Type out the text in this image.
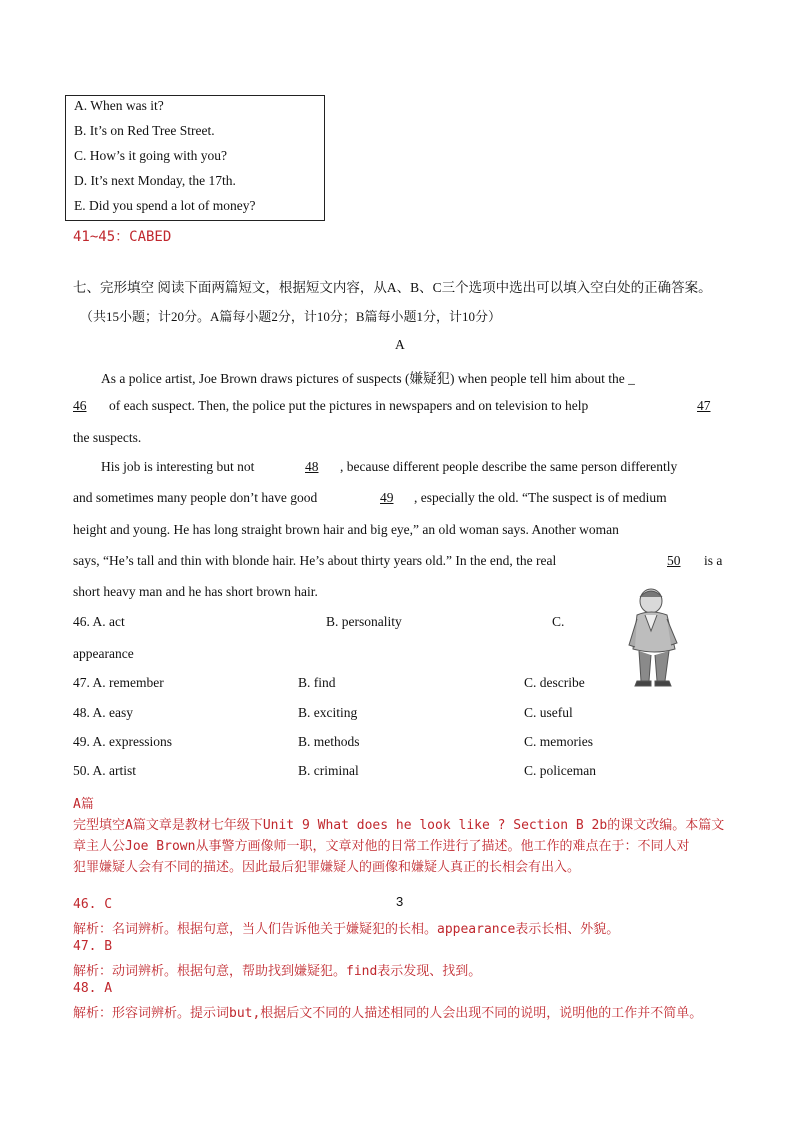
A. When was it?
B. It’s on Red Tree Street.
C. How’s it going with you?
D. It’s next Monday, the 17th.
E. Did you spend a lot of money?
41~45：CABED
七、完形填空 阅读下面两篇短文，根据短文内容，从A、B、C三个选项中选出可以填入空白处的正确答案。
（共15小题；计20分。A篇每小题2分，计10分；B篇每小题1分，计10分）
A
As a police artist, Joe Brown draws pictures of suspects (嫌疑犯) when people tell him about the _
46	of each suspect. Then, the police put the pictures in newspapers and on television to help	47
the suspects.
His job is interesting but not	48	, because different people describe the same person differently
and sometimes many people don’t have good	49	, especially the old. “The suspect is of medium
height and young. He has long straight brown hair and big eye,” an old woman says. Another woman
says, “He’s tall and thin with blonde hair. He’s about thirty years old.” In the end, the real	50	is a
short heavy man and he has short brown hair.
46. A. act	B. personality	C.
appearance
47. A. remember	B. find	C. describe
48. A. easy	B. exciting	C. useful
49. A. expressions	B. methods	C. memories
50. A. artist	B. criminal	C. policeman
A篇
完型填空A篇文章是教材七年级下Unit 9 What does he look like ? Section B 2b的课文改编。本篇文
章主人公Joe Brown从事警方画像师一职，文章对他的日常工作进行了描述。他工作的难点在于：不同人对
犯罪嫌疑人会有不同的描述。因此最后犯罪嫌疑人的画像和嫌疑人真正的长相会有出入。
46. C	3
解析：名词辨析。根据句意，当人们告诉他关于嫌疑犯的长相。appearance表示长相、外貌。
47. B
解析：动词辨析。根据句意，帮助找到嫌疑犯。find表示发现、找到。
48. A
解析：形容词辨析。提示词but,根据后文不同的人描述相同的人会出现不同的说明，说明他的工作并不简单。
